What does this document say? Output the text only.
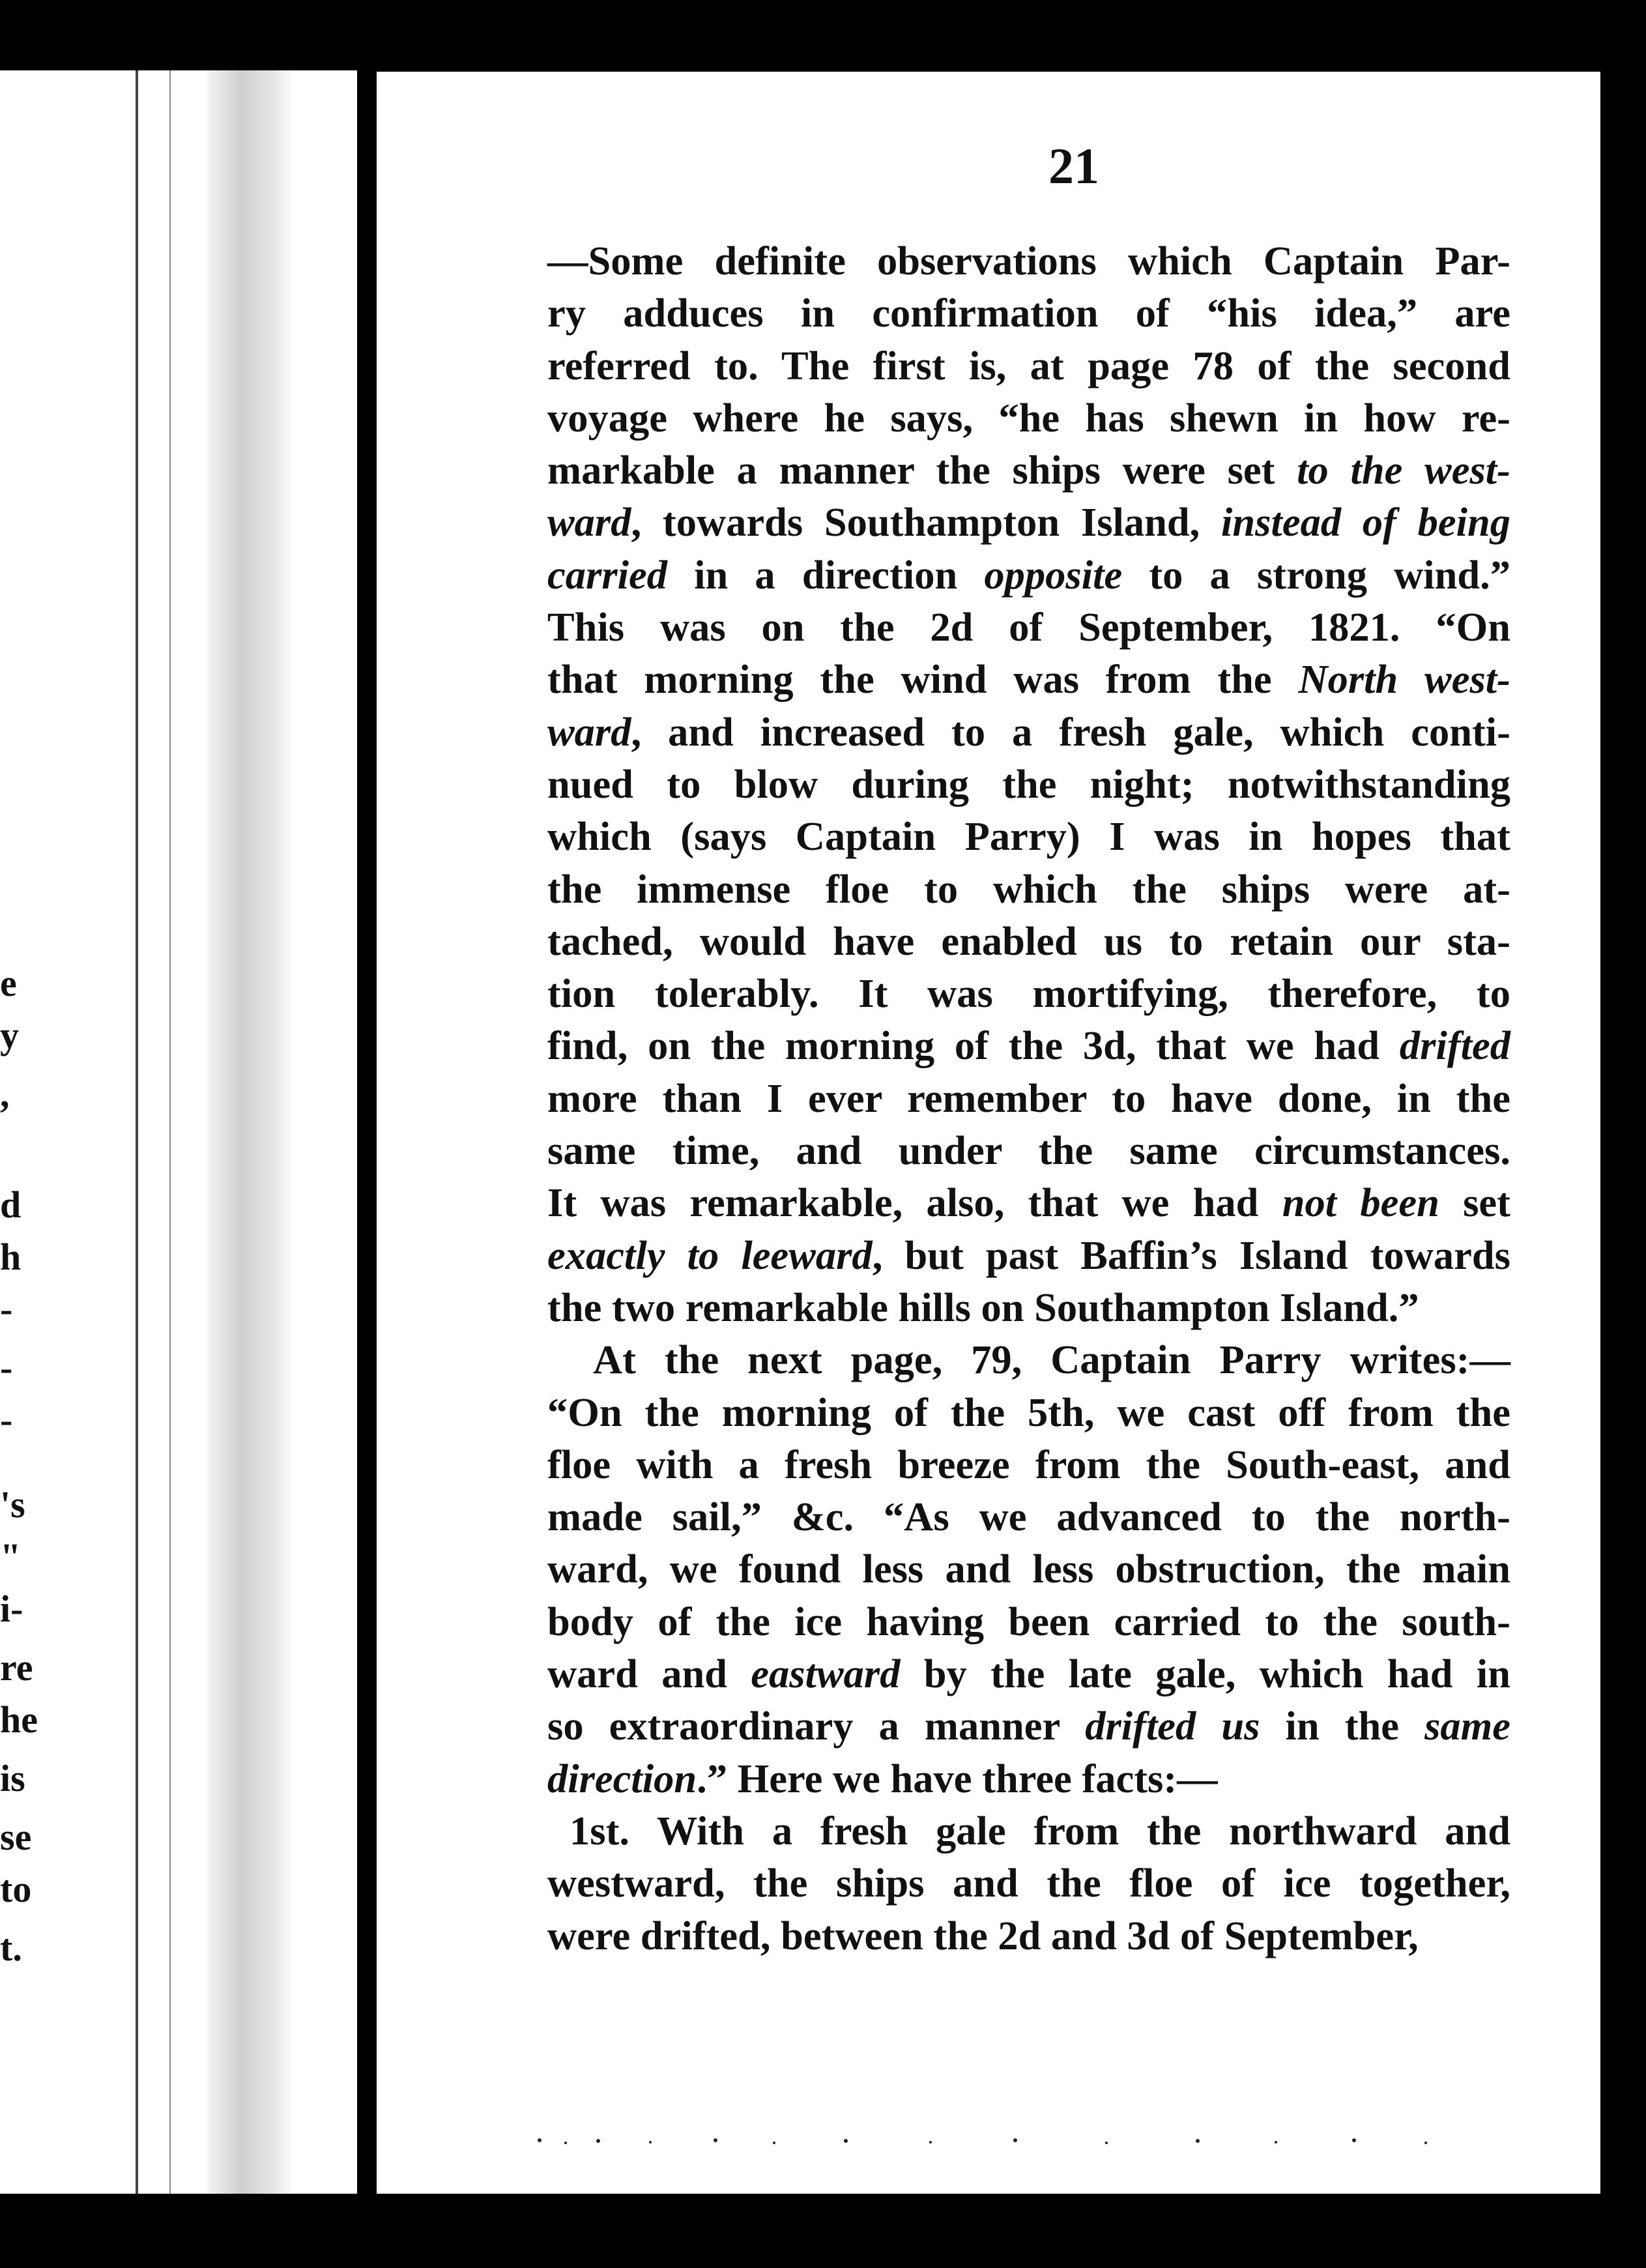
e
y
,
d
h
-
-
-
's
"
i-
re
he
is
se
to
t.
21
—Some definite observations which Captain Par-
ry adduces in confirmation of “his idea,” are
referred to. The first is, at page 78 of the second
voyage where he says, “he has shewn in how re-
markable a manner the ships were set to the west-
ward, towards Southampton Island, instead of being
carried in a direction opposite to a strong wind.”
This was on the 2d of September, 1821. “On
that morning the wind was from the North west-
ward, and increased to a fresh gale, which conti-
nued to blow during the night; notwithstanding
which (says Captain Parry) I was in hopes that
the immense floe to which the ships were at-
tached, would have enabled us to retain our sta-
tion tolerably. It was mortifying, therefore, to
find, on the morning of the 3d, that we had drifted
more than I ever remember to have done, in the
same time, and under the same circumstances.
It was remarkable, also, that we had not been set
exactly to leeward, but past Baffin’s Island towards
the two remarkable hills on Southampton Island.”
At the next page, 79, Captain Parry writes:—
“On the morning of the 5th, we cast off from the
floe with a fresh breeze from the South-east, and
made sail,” &c. “As we advanced to the north-
ward, we found less and less obstruction, the main
body of the ice having been carried to the south-
ward and eastward by the late gale, which had in
so extraordinary a manner drifted us in the same
direction.” Here we have three facts:—
1st. With a fresh gale from the northward and
westward, the ships and the floe of ice together,
were drifted, between the 2d and 3d of September,
